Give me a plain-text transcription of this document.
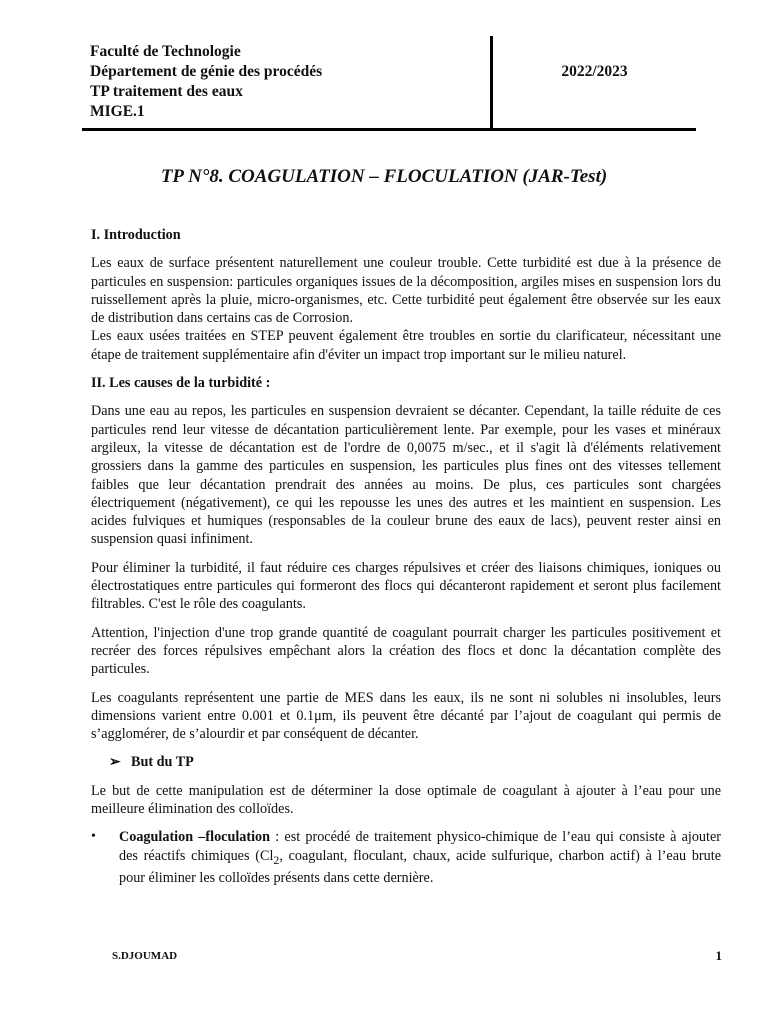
Faculté de Technologie
Département de génie des procédés
TP traitement des eaux
MIGE.1
2022/2023
TP N°8. COAGULATION – FLOCULATION (JAR-Test)
I. Introduction

Les eaux de surface présentent naturellement une couleur trouble. Cette turbidité est due à la présence de particules en suspension: particules organiques issues de la décomposition, argiles mises en suspension lors du ruissellement après la pluie, micro-organismes, etc. Cette turbidité peut également être observée sur les eaux de distribution dans certains cas de Corrosion.

Les eaux usées traitées en STEP peuvent également être troubles en sortie du clarificateur, nécessitant une étape de traitement supplémentaire afin d'éviter un impact trop important sur le milieu naturel.

II. Les causes de la turbidité :

Dans une eau au repos, les particules en suspension devraient se décanter. Cependant, la taille réduite de ces particules rend leur vitesse de décantation particulièrement lente. Par exemple, pour les vases et minéraux argileux, la vitesse de décantation est de l'ordre de 0,0075 m/sec., et il s'agit là d'éléments relativement grossiers dans la gamme des particules en suspension, les particules plus fines ont des vitesses tellement faibles que leur décantation prendrait des années au moins. De plus, ces particules sont chargées électriquement (négativement), ce qui les repousse les unes des autres et les maintient en suspension. Les acides fulviques et humiques (responsables de la couleur brune des eaux de lacs), peuvent rester ainsi en suspension quasi infiniment.

Pour éliminer la turbidité, il faut réduire ces charges répulsives et créer des liaisons chimiques, ioniques ou électrostatiques entre particules qui formeront des flocs qui décanteront rapidement et seront plus facilement filtrables. C'est le rôle des coagulants.

Attention, l'injection d'une trop grande quantité de coagulant pourrait charger les particules positivement et recréer des forces répulsives empêchant alors la création des flocs et donc la décantation complète des particules.

Les coagulants représentent une partie de MES dans les eaux, ils ne sont ni solubles ni insolubles, leurs dimensions varient entre 0.001 et 0.1μm, ils peuvent être décanté par l’ajout de coagulant qui permis de s’agglomérer, de s’alourdir et par conséquent de décanter.

➢ But du TP

Le but de cette manipulation est de déterminer la dose optimale de coagulant à ajouter à l’eau pour une meilleure élimination des colloïdes.

•	Coagulation –floculation : est procédé de traitement physico-chimique de l’eau qui consiste à ajouter des réactifs chimiques ($Cl_2$, coagulant, floculant, chaux, acide sulfurique, charbon actif) à l’eau brute pour éliminer les colloïdes présents dans cette dernière.
S.DJOUMAD	1
